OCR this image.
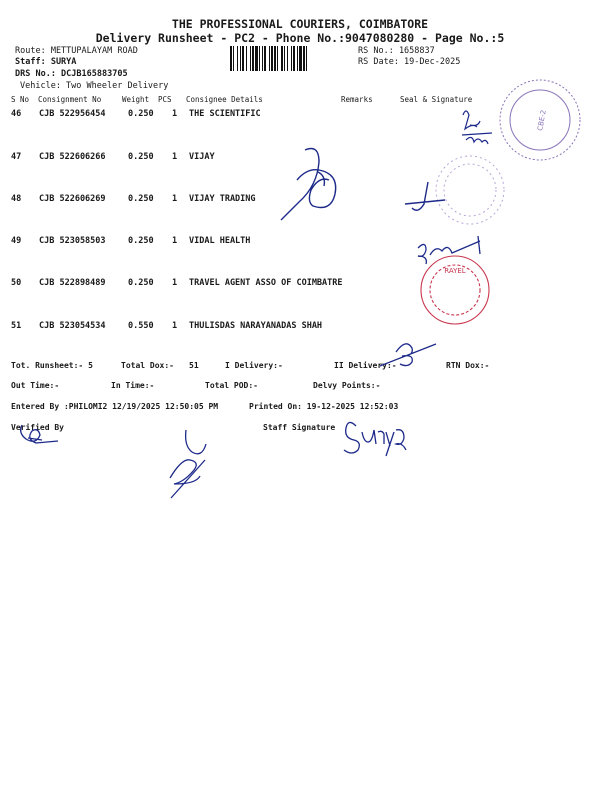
THE PROFESSIONAL COURIERS, COIMBATORE
Delivery Runsheet - PC2 - Phone No.:9047080280 - Page No.:5
Route: METTUPALAYAM ROAD
Staff: SURYA
DRS No.: DCJB165883705
Vehicle: Two Wheeler Delivery
RS No.: 1658837
RS Date: 19-Dec-2025
S No Consignment No	Weight PCS Consignee Details	Remarks	Seal & Signature
46 CJB 522956454	0.250 1 THE SCIENTIFIC
47 CJB 522606266	0.250 1 VIJAY
48 CJB 522606269	0.250 1 VIJAY TRADING
49 CJB 523058503	0.250 1 VIDAL HEALTH
50 CJB 522898489	0.250 1 TRAVEL AGENT ASSO OF COIMBATRE
51 CJB 523054534	0.550 1 THULISDAS NARAYANADAS SHAH
Tot. Runsheet:- 5	Total Dox:- 51	I Delivery:-	II Delivery:-	RTN Dox:-
Out Time:-	In Time:-	Total POD:-	Delvy Points:-
Entered By :PHILOMI2 12/19/2025 12:50:05 PM	Printed On: 19-12-2025 12:52:03
Verified By	Staff Signature
CBE-2
RAYEL
